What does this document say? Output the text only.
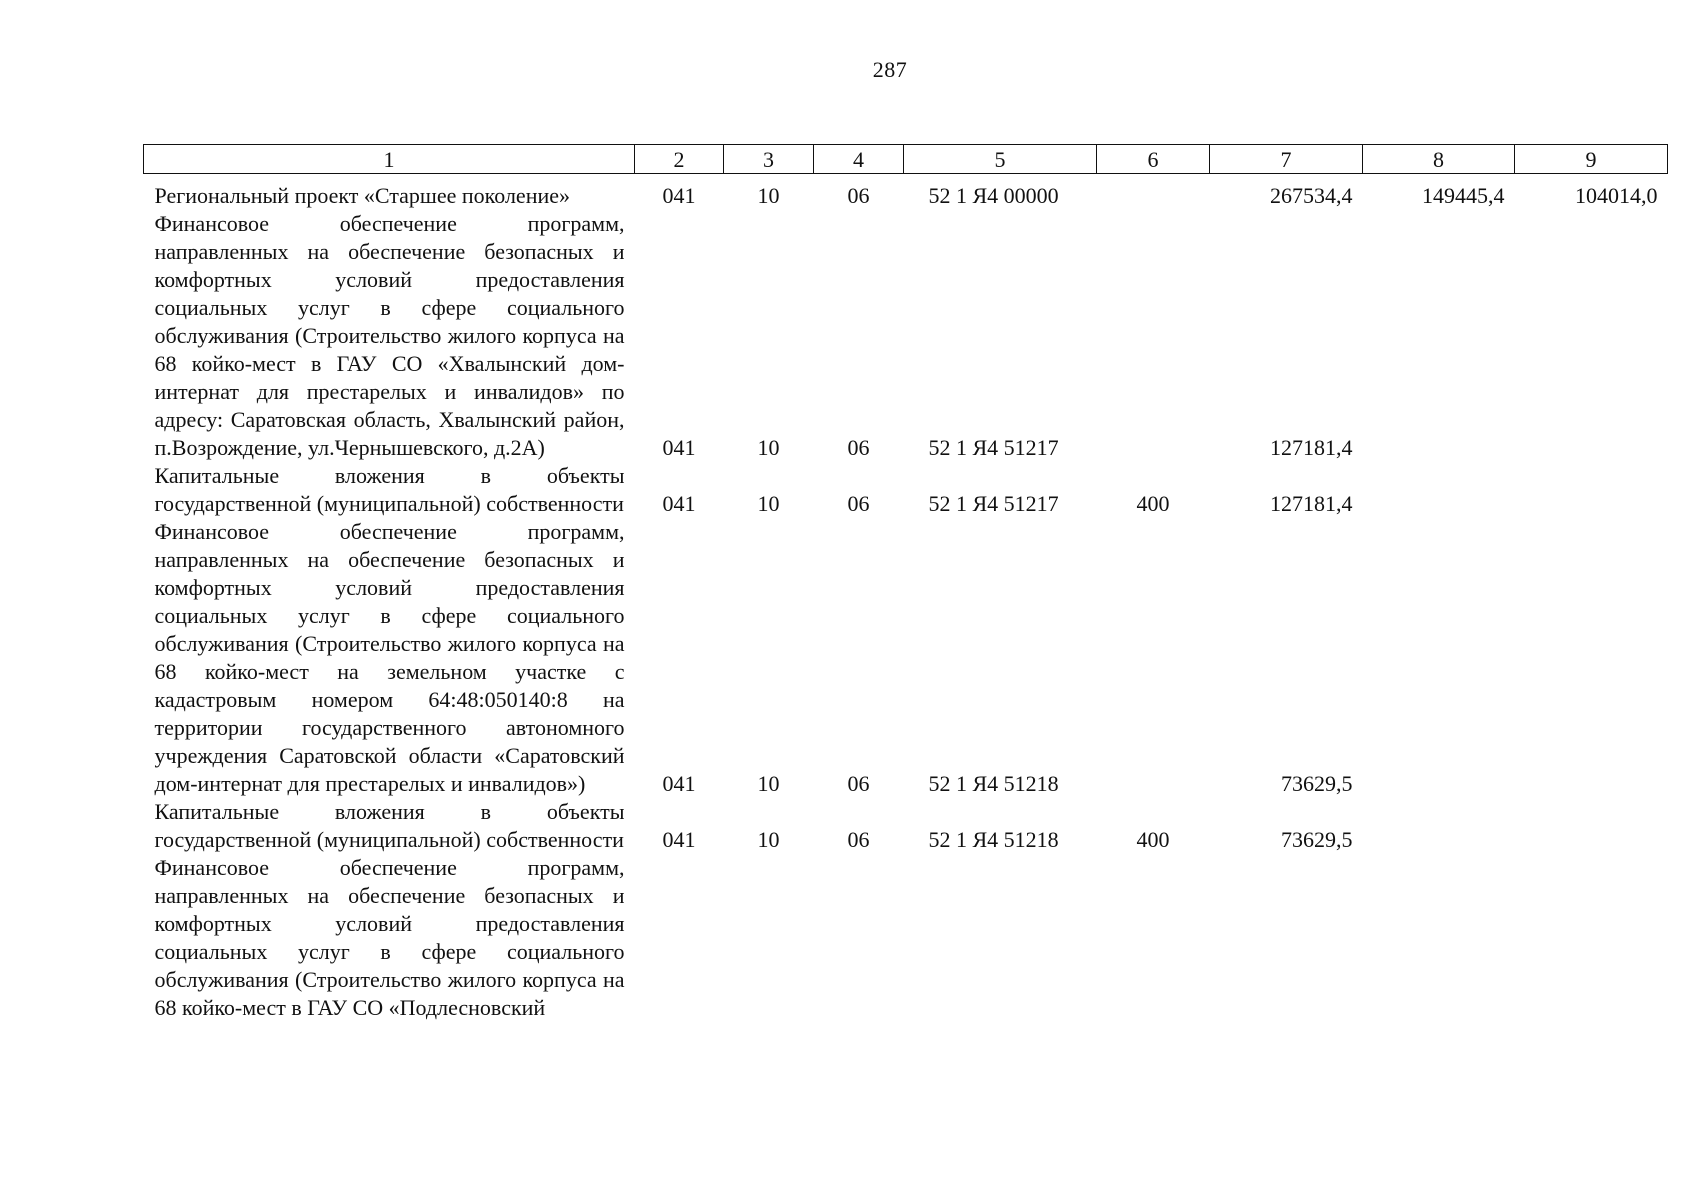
287
1	2	3	4	5	6	7	8	9
Региональный проект «Старшее поколение»	041	10	06	52 1 Я4 00000		267534,4	149445,4	104014,0
Финансовое обеспечение программ, направленных на обеспечение безопасных и комфортных условий предоставления социальных услуг в сфере социального обслуживания (Строительство жилого корпуса на 68 койко-мест в ГАУ СО «Хвалынский дом-интернат для престарелых и инвалидов» по адресу: Саратовская область, Хвалынский район, п.Возрождение, ул.Чернышевского, д.2А)	041	10	06	52 1 Я4 51217		127181,4		
Капитальные вложения в объекты государственной (муниципальной) собственности	041	10	06	52 1 Я4 51217	400	127181,4		
Финансовое обеспечение программ, направленных на обеспечение безопасных и комфортных условий предоставления социальных услуг в сфере социального обслуживания (Строительство жилого корпуса на 68 койко-мест на земельном участке с кадастровым номером 64:48:050140:8 на территории государственного автономного учреждения Саратовской области «Саратовский дом-интернат для престарелых и инвалидов»)	041	10	06	52 1 Я4 51218		73629,5		
Капитальные вложения в объекты государственной (муниципальной) собственности	041	10	06	52 1 Я4 51218	400	73629,5		
Финансовое обеспечение программ, направленных на обеспечение безопасных и комфортных условий предоставления социальных услуг в сфере социального обслуживания (Строительство жилого корпуса на 68 койко-мест в ГАУ СО «Подлесновский								
